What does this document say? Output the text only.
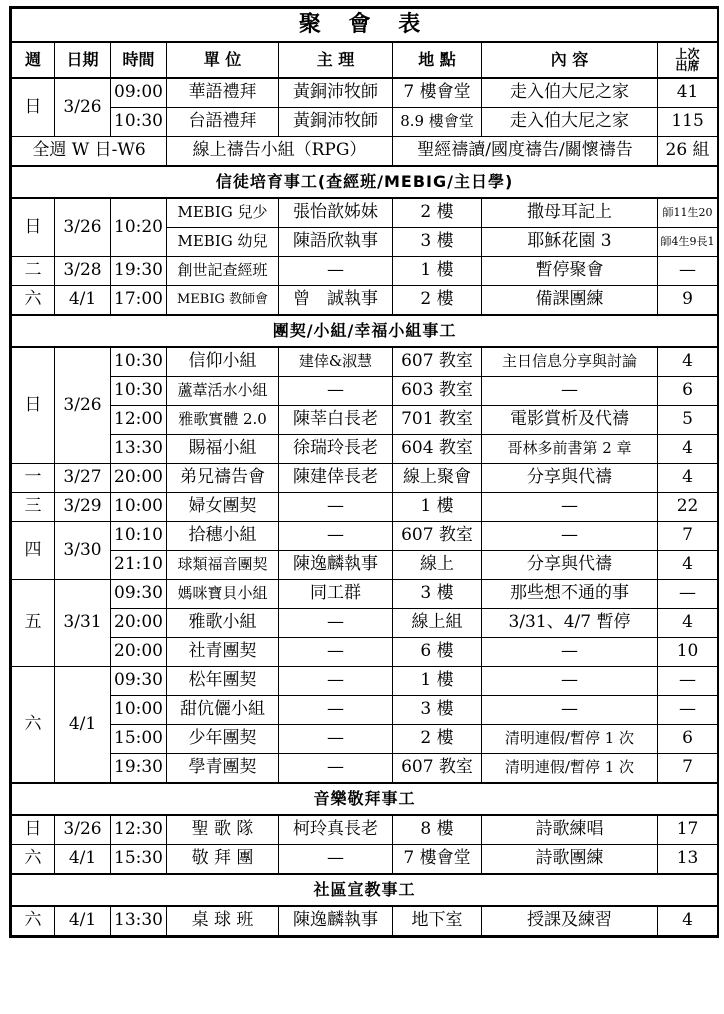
聚 會 表							
週	日期	時間	單 位	主 理	地 點	內 容	上次
出席

日	3/26	09:00	華語禮拜	黃銅沛牧師	7 樓會堂	走入伯大尼之家	41
		10:30	台語禮拜	黃銅沛牧師	8.9 樓會堂	走入伯大尼之家	115
全週 W 日-W6			線上禱告小組（RPG）		聖經禱讀/國度禱告/關懷禱告		26 組
信徒培育事工(查經班/MEBIG/主日學)							
日	3/26	10:20	MEBIG 兒少	張怡歆姊妹	2 樓	撒母耳記上	師11生20
			MEBIG 幼兒	陳語欣執事	3 樓	耶穌花園 3	師4生9長1
二	3/28	19:30	創世記查經班	—	1 樓	暫停聚會	—
六	4/1	17:00	MEBIG 教師會	曾　誠執事	2 樓	備課團練	9
團契/小組/幸福小組事工							
日	3/26	10:30	信仰小組	建倖&淑慧	607 教室	主日信息分享與討論	4
		10:30	蘆葦活水小組	—	603 教室	—	6
		12:00	雅歌實體 2.0	陳莘白長老	701 教室	電影賞析及代禱	5
		13:30	賜福小組	徐瑞玲長老	604 教室	哥林多前書第 2 章	4
一	3/27	20:00	弟兄禱告會	陳建倖長老	線上聚會	分享與代禱	4
三	3/29	10:00	婦女團契	—	1 樓	—	22
四	3/30	10:10	拾穗小組	—	607 教室	—	7
		21:10	球類福音團契	陳逸麟執事	線上	分享與代禱	4
五	3/31	09:30	媽咪寶貝小組	同工群	3 樓	那些想不通的事	—
		20:00	雅歌小組	—	線上組	3/31、4/7 暫停	4
		20:00	社青團契	—	6 樓	—	10
六	4/1	09:30	松年團契	—	1 樓	—	—
		10:00	甜伉儷小組	—	3 樓	—	—
		15:00	少年團契	—	2 樓	清明連假/暫停 1 次	6
		19:30	學青團契	—	607 教室	清明連假/暫停 1 次	7
音樂敬拜事工							
日	3/26	12:30	聖 歌 隊	柯玲真長老	8 樓	詩歌練唱	17
六	4/1	15:30	敬 拜 團	—	7 樓會堂	詩歌團練	13
社區宣教事工							
六	4/1	13:30	桌 球 班	陳逸麟執事	地下室	授課及練習	4
